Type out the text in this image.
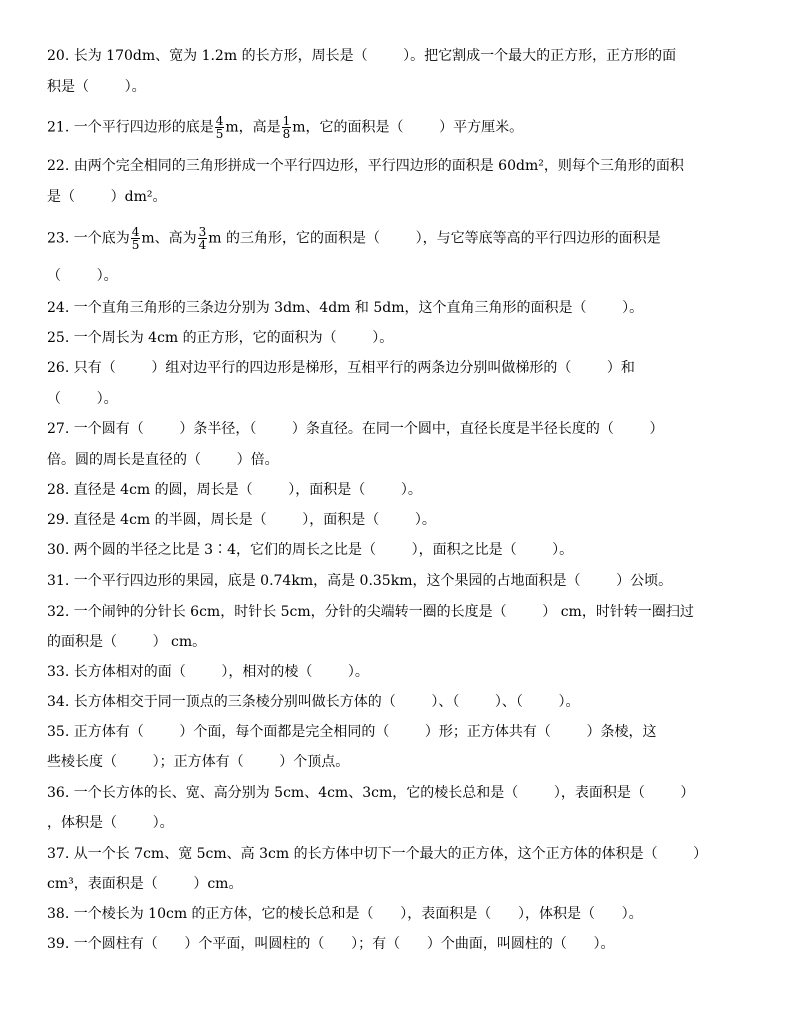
20. 长为 170dm、宽为 1.2m 的长方形，周长是（        ）。把它割成一个最大的正方形，正方形的面
积是（        ）。
21. 一个平行四边形的底是 $\frac{4}{5}$ m，高是 $\frac{1}{8}$ m，它的面积是（        ）平方厘米。
22. 由两个完全相同的三角形拼成一个平行四边形，平行四边形的面积是 60dm²，则每个三角形的面积
是（        ）dm²。
23. 一个底为 $\frac{4}{5}$ m、高为 $\frac{3}{4}$ m 的三角形，它的面积是（        ），与它等底等高的平行四边形的面积是
（        ）。
24. 一个直角三角形的三条边分别为 3dm、4dm 和 5dm，这个直角三角形的面积是（        ）。
25. 一个周长为 4cm 的正方形，它的面积为（        ）。
26. 只有（        ）组对边平行的四边形是梯形，互相平行的两条边分别叫做梯形的（        ）和
（        ）。
27. 一个圆有（        ）条半径，（        ）条直径。在同一个圆中，直径长度是半径长度的（        ）
倍。圆的周长是直径的（        ）倍。
28. 直径是 4cm 的圆，周长是（        ），面积是（        ）。
29. 直径是 4cm 的半圆，周长是（        ），面积是（        ）。
30. 两个圆的半径之比是 3∶4，它们的周长之比是（        ），面积之比是（        ）。
31. 一个平行四边形的果园，底是 0.74km，高是 0.35km，这个果园的占地面积是（        ）公顷。
32. 一个闹钟的分针长 6cm，时针长 5cm，分针的尖端转一圈的长度是（        ） cm，时针转一圈扫过
的面积是（        ） cm。
33. 长方体相对的面（        ），相对的棱（        ）。
34. 长方体相交于同一顶点的三条棱分别叫做长方体的（        ）、（        ）、（        ）。
35. 正方体有（        ）个面，每个面都是完全相同的（        ）形；正方体共有（        ）条棱，这
些棱长度（        ）；正方体有（        ）个顶点。
36. 一个长方体的长、宽、高分别为 5cm、4cm、3cm，它的棱长总和是（        ），表面积是（        ）
，体积是（        ）。
37. 从一个长 7cm、宽 5cm、高 3cm 的长方体中切下一个最大的正方体，这个正方体的体积是（        ）
cm³，表面积是（        ）cm。
38. 一个棱长为 10cm 的正方体，它的棱长总和是（      ），表面积是（      ），体积是（      ）。
39. 一个圆柱有（      ）个平面，叫圆柱的（      ）；有（      ）个曲面，叫圆柱的（      ）。
